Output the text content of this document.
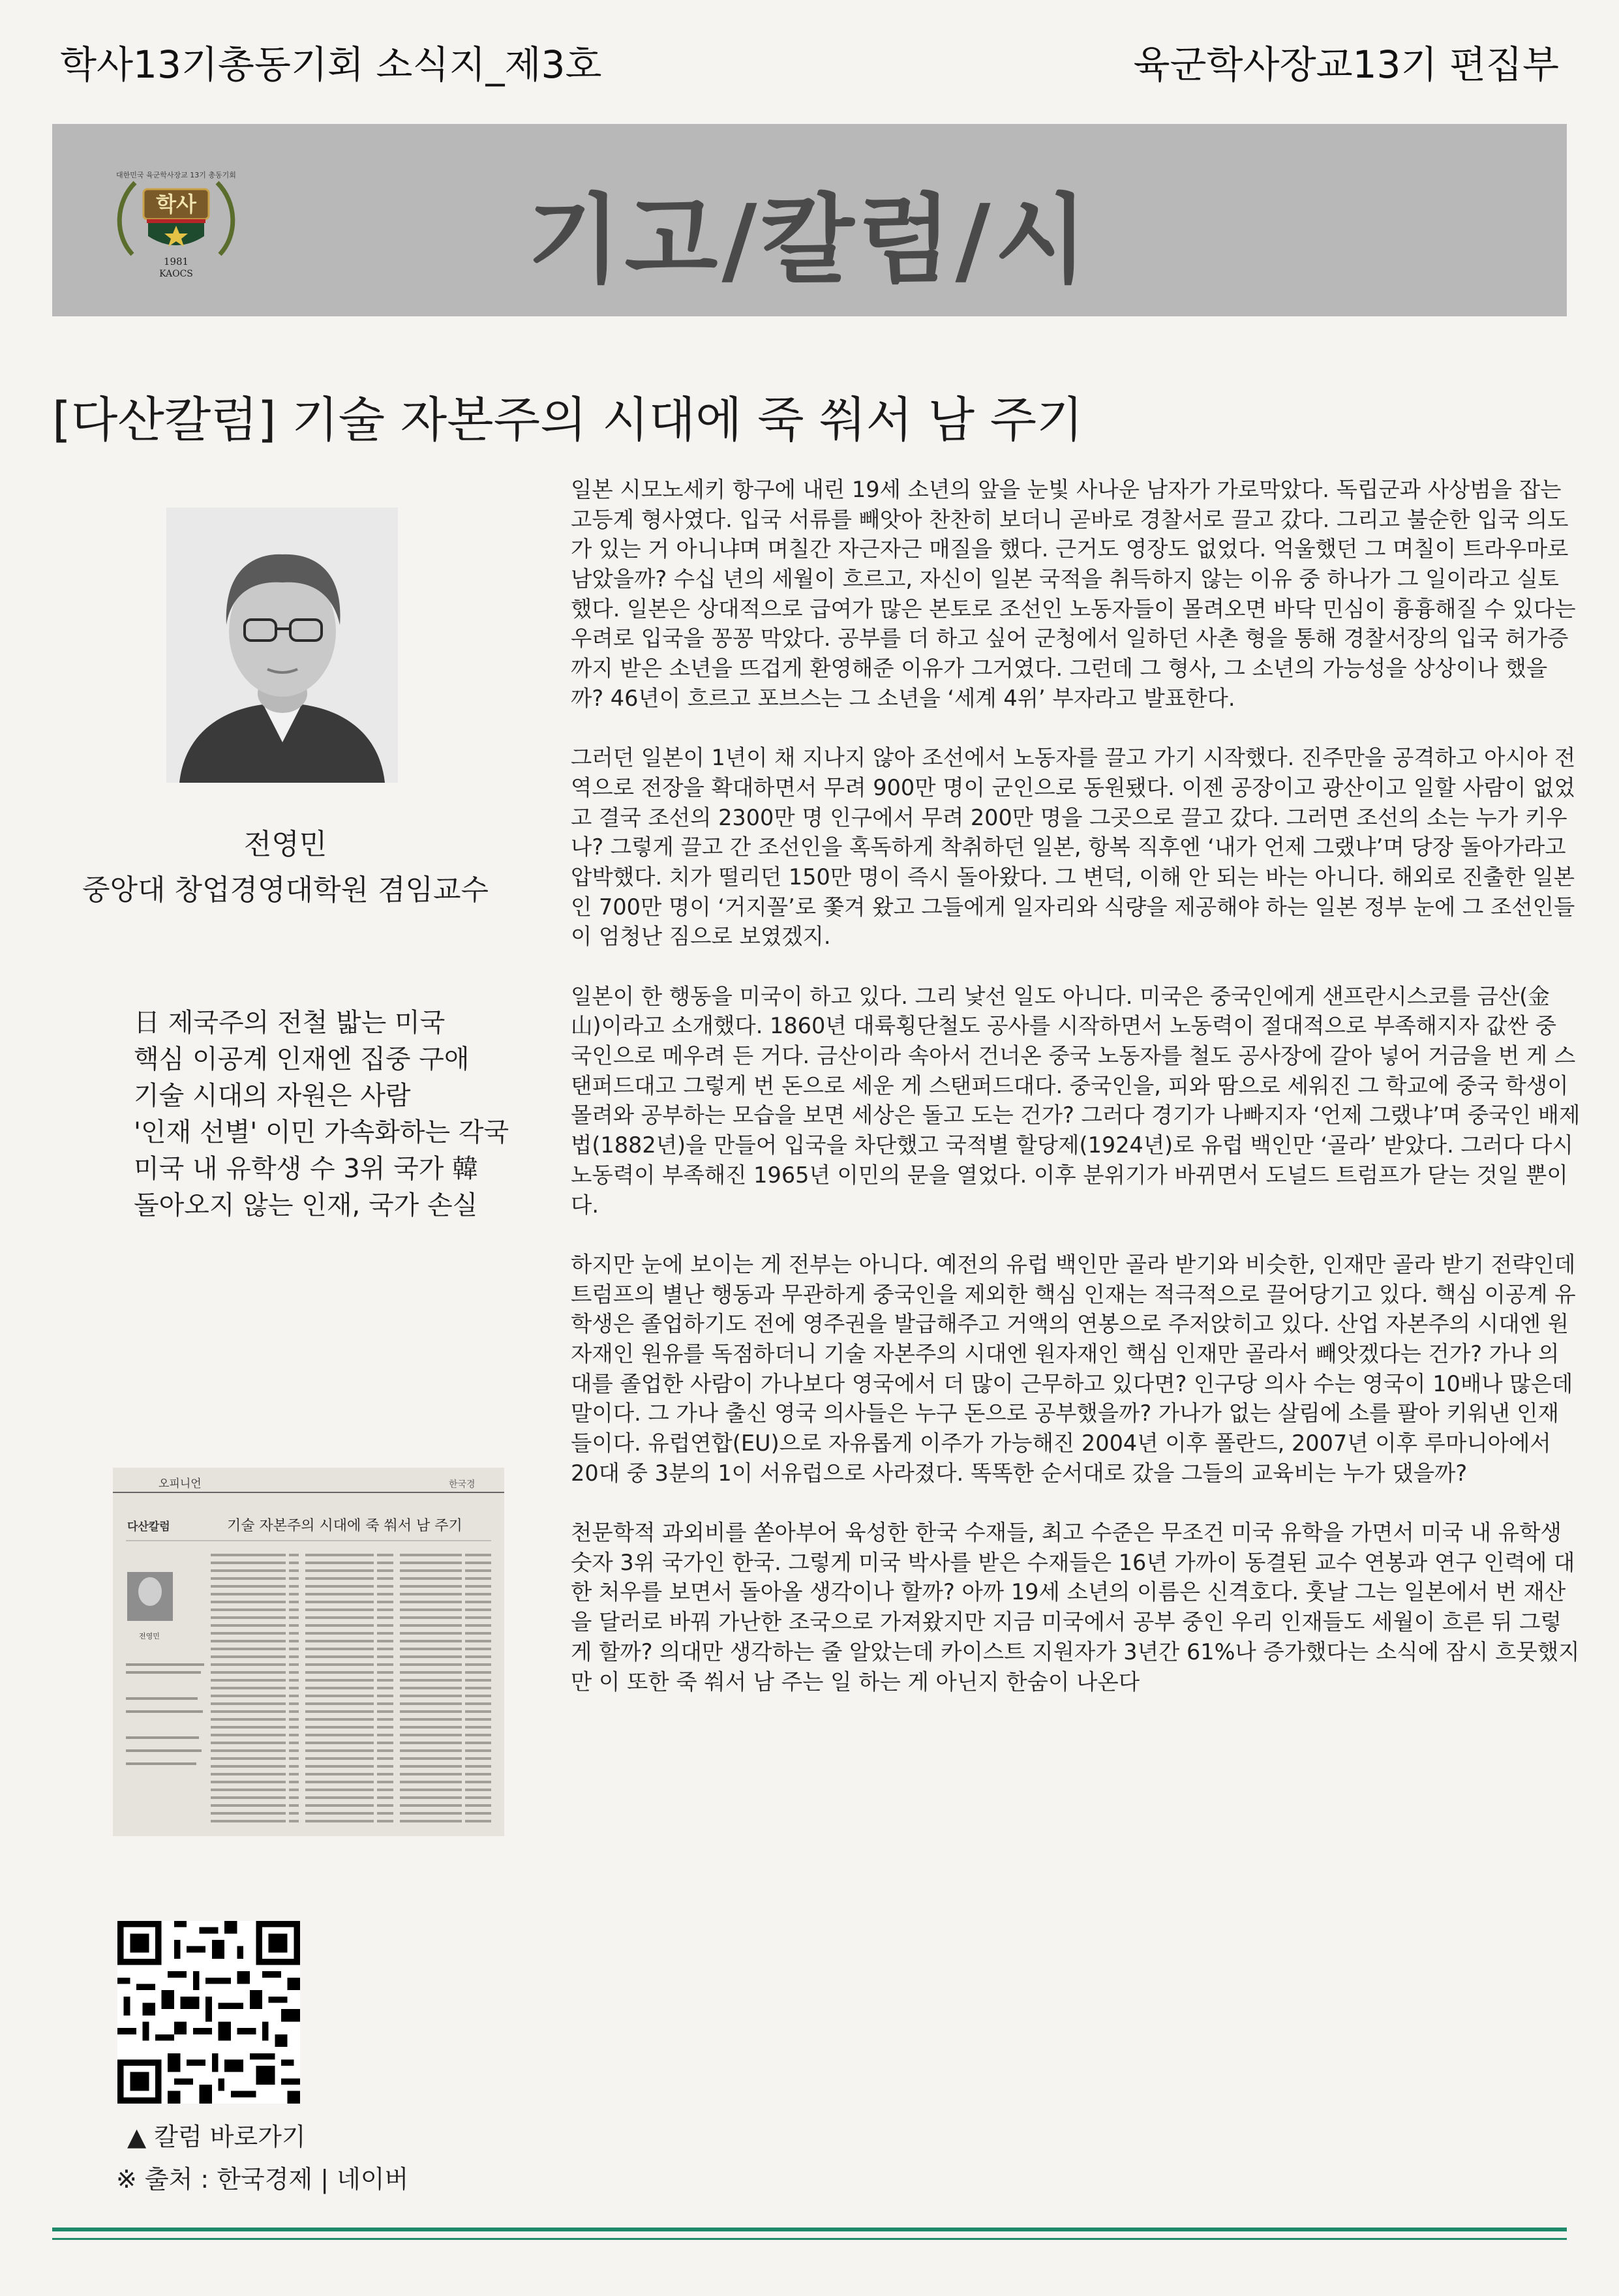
학사13기총동기회 소식지_제3호	육군학사장교13기 편집부
기고/칼럼/시
대한민국 육군학사장교 13기 총동기회
학사
1981
KAOCS
[다산칼럼] 기술 자본주의 시대에 죽 쒀서 남 주기
전영민
중앙대 창업경영대학원 겸임교수
日 제국주의 전철 밟는 미국
핵심 이공계 인재엔 집중 구애
기술 시대의 자원은 사람
'인재 선별' 이민 가속화하는 각국
미국 내 유학생 수 3위 국가 韓
돌아오지 않는 인재, 국가 손실
오피니언	한국경
다산칼럼	기술 자본주의 시대에 죽 쒀서 남 주기
전영민
▲ 칼럼 바로가기
※ 출처 : 한국경제 | 네이버
일본 시모노세키 항구에 내린 19세 소년의 앞을 눈빛 사나운 남자가 가로막았다. 독립군과 사상범을 잡는
고등계 형사였다. 입국 서류를 빼앗아 찬찬히 보더니 곧바로 경찰서로 끌고 갔다. 그리고 불순한 입국 의도
가 있는 거 아니냐며 며칠간 자근자근 매질을 했다. 근거도 영장도 없었다. 억울했던 그 며칠이 트라우마로
남았을까? 수십 년의 세월이 흐르고, 자신이 일본 국적을 취득하지 않는 이유 중 하나가 그 일이라고 실토
했다. 일본은 상대적으로 급여가 많은 본토로 조선인 노동자들이 몰려오면 바닥 민심이 흉흉해질 수 있다는
우려로 입국을 꽁꽁 막았다. 공부를 더 하고 싶어 군청에서 일하던 사촌 형을 통해 경찰서장의 입국 허가증
까지 받은 소년을 뜨겁게 환영해준 이유가 그거였다. 그런데 그 형사, 그 소년의 가능성을 상상이나 했을
까? 46년이 흐르고 포브스는 그 소년을 ‘세계 4위’ 부자라고 발표한다.
그러던 일본이 1년이 채 지나지 않아 조선에서 노동자를 끌고 가기 시작했다. 진주만을 공격하고 아시아 전
역으로 전장을 확대하면서 무려 900만 명이 군인으로 동원됐다. 이젠 공장이고 광산이고 일할 사람이 없었
고 결국 조선의 2300만 명 인구에서 무려 200만 명을 그곳으로 끌고 갔다. 그러면 조선의 소는 누가 키우
나? 그렇게 끌고 간 조선인을 혹독하게 착취하던 일본, 항복 직후엔 ‘내가 언제 그랬냐’며 당장 돌아가라고
압박했다. 치가 떨리던 150만 명이 즉시 돌아왔다. 그 변덕, 이해 안 되는 바는 아니다. 해외로 진출한 일본
인 700만 명이 ‘거지꼴’로 쫓겨 왔고 그들에게 일자리와 식량을 제공해야 하는 일본 정부 눈에 그 조선인들
이 엄청난 짐으로 보였겠지.
일본이 한 행동을 미국이 하고 있다. 그리 낯선 일도 아니다. 미국은 중국인에게 샌프란시스코를 금산(金
山)이라고 소개했다. 1860년 대륙횡단철도 공사를 시작하면서 노동력이 절대적으로 부족해지자 값싼 중
국인으로 메우려 든 거다. 금산이라 속아서 건너온 중국 노동자를 철도 공사장에 갈아 넣어 거금을 번 게 스
탠퍼드대고 그렇게 번 돈으로 세운 게 스탠퍼드대다. 중국인을, 피와 땀으로 세워진 그 학교에 중국 학생이
몰려와 공부하는 모습을 보면 세상은 돌고 도는 건가? 그러다 경기가 나빠지자 ‘언제 그랬냐’며 중국인 배제
법(1882년)을 만들어 입국을 차단했고 국적별 할당제(1924년)로 유럽 백인만 ‘골라’ 받았다. 그러다 다시
노동력이 부족해진 1965년 이민의 문을 열었다. 이후 분위기가 바뀌면서 도널드 트럼프가 닫는 것일 뿐이
다.
하지만 눈에 보이는 게 전부는 아니다. 예전의 유럽 백인만 골라 받기와 비슷한, 인재만 골라 받기 전략인데
트럼프의 별난 행동과 무관하게 중국인을 제외한 핵심 인재는 적극적으로 끌어당기고 있다. 핵심 이공계 유
학생은 졸업하기도 전에 영주권을 발급해주고 거액의 연봉으로 주저앉히고 있다. 산업 자본주의 시대엔 원
자재인 원유를 독점하더니 기술 자본주의 시대엔 원자재인 핵심 인재만 골라서 빼앗겠다는 건가? 가나 의
대를 졸업한 사람이 가나보다 영국에서 더 많이 근무하고 있다면? 인구당 의사 수는 영국이 10배나 많은데
말이다. 그 가나 출신 영국 의사들은 누구 돈으로 공부했을까? 가나가 없는 살림에 소를 팔아 키워낸 인재
들이다. 유럽연합(EU)으로 자유롭게 이주가 가능해진 2004년 이후 폴란드, 2007년 이후 루마니아에서
20대 중 3분의 1이 서유럽으로 사라졌다. 똑똑한 순서대로 갔을 그들의 교육비는 누가 댔을까?
천문학적 과외비를 쏟아부어 육성한 한국 수재들, 최고 수준은 무조건 미국 유학을 가면서 미국 내 유학생
숫자 3위 국가인 한국. 그렇게 미국 박사를 받은 수재들은 16년 가까이 동결된 교수 연봉과 연구 인력에 대
한 처우를 보면서 돌아올 생각이나 할까? 아까 19세 소년의 이름은 신격호다. 훗날 그는 일본에서 번 재산
을 달러로 바꿔 가난한 조국으로 가져왔지만 지금 미국에서 공부 중인 우리 인재들도 세월이 흐른 뒤 그렇
게 할까? 의대만 생각하는 줄 알았는데 카이스트 지원자가 3년간 61%나 증가했다는 소식에 잠시 흐뭇했지
만 이 또한 죽 쒀서 남 주는 일 하는 게 아닌지 한숨이 나온다
